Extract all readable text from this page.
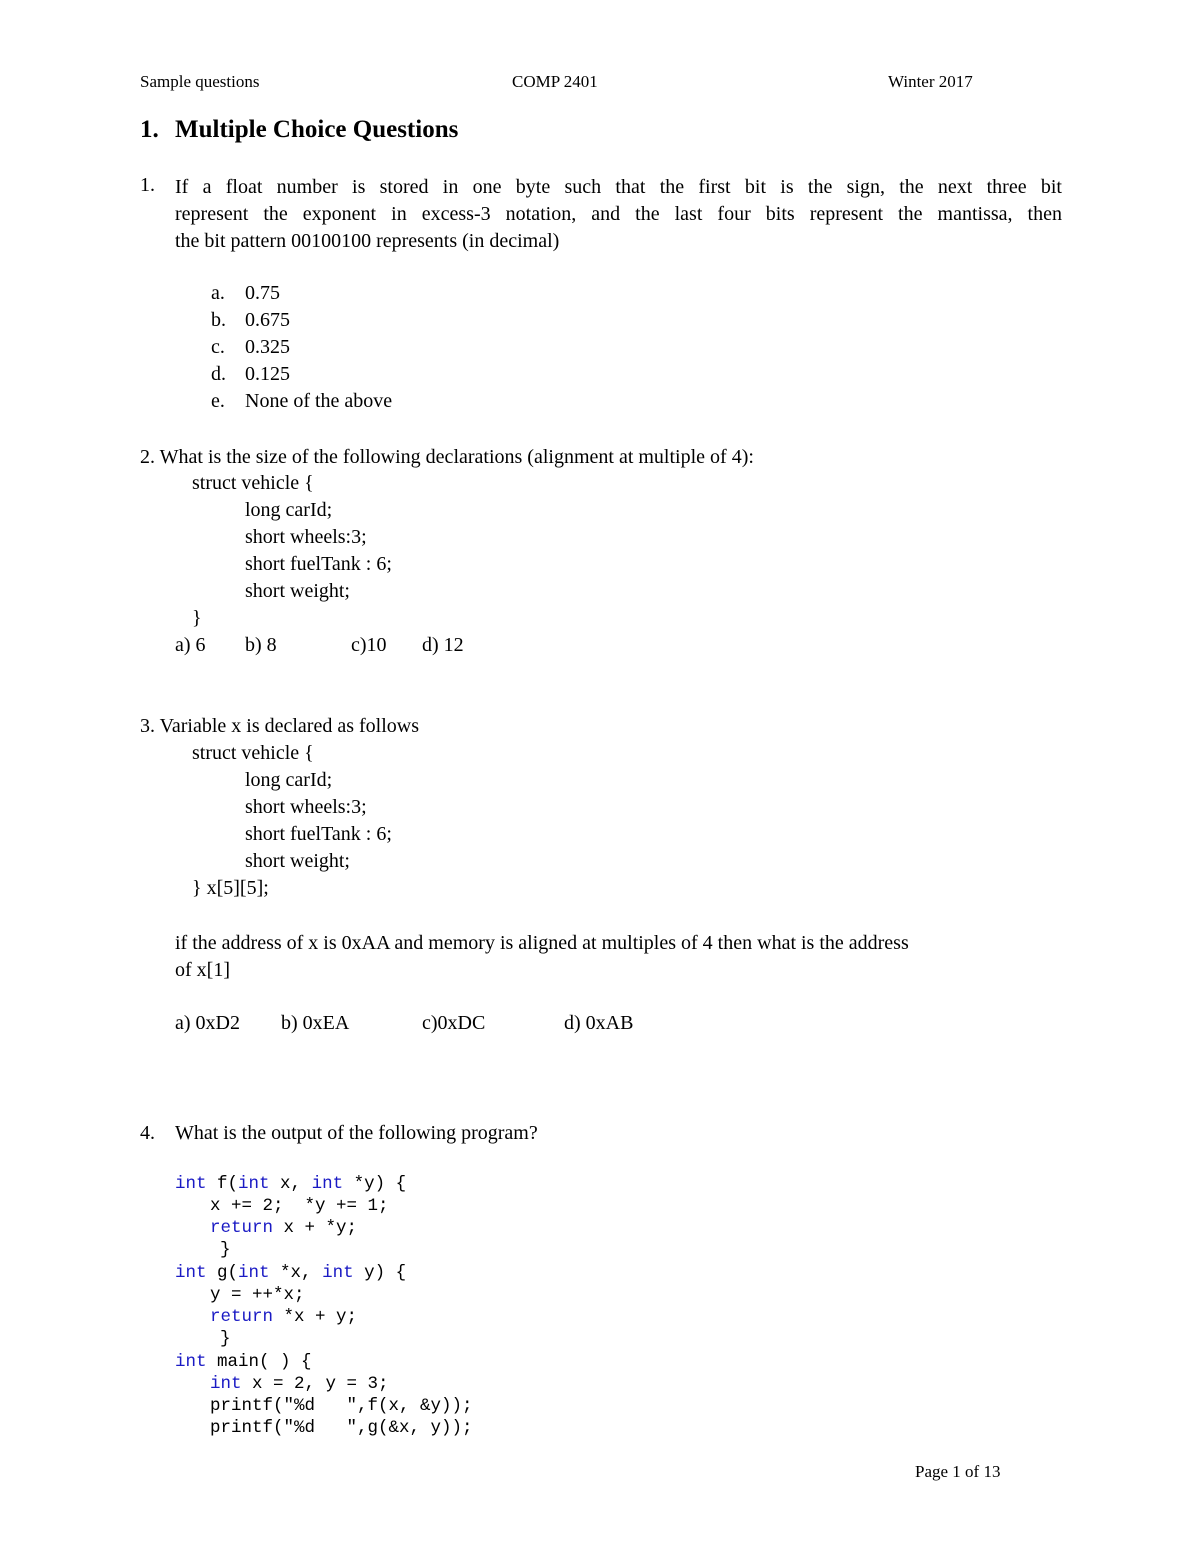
Sample questions	COMP 2401	Winter 2017
1. Multiple Choice Questions
1. If a float number is stored in one byte such that the first bit is the sign, the next three bit
represent the exponent in excess-3 notation, and the last four bits represent the mantissa, then
the bit pattern 00100100 represents (in decimal)
a. 0.75
b. 0.675
c. 0.325
d. 0.125
e. None of the above
2. What is the size of the following declarations (alignment at multiple of 4):
struct vehicle {
long carId;
short wheels:3;
short fuelTank : 6;
short weight;
}
a) 6 b) 8	c)10 d) 12
3. Variable x is declared as follows
struct vehicle {
long carId;
short wheels:3;
short fuelTank : 6;
short weight;
} x[5][5];
if the address of x is 0xAA and memory is aligned at multiples of 4 then what is the address
of x[1]
a) 0xD2 b) 0xEA	c)0xDC	d) 0xAB
4. What is the output of the following program?
int f(int x, int *y) {
x += 2;  *y += 1;
return x + *y;
}
int g(int *x, int y) {
y = ++*x;
return *x + y;
}
int main( ) {
int x = 2, y = 3;
printf("%d   ",f(x, &y));
printf("%d   ",g(&x, y));
Page 1 of 13
